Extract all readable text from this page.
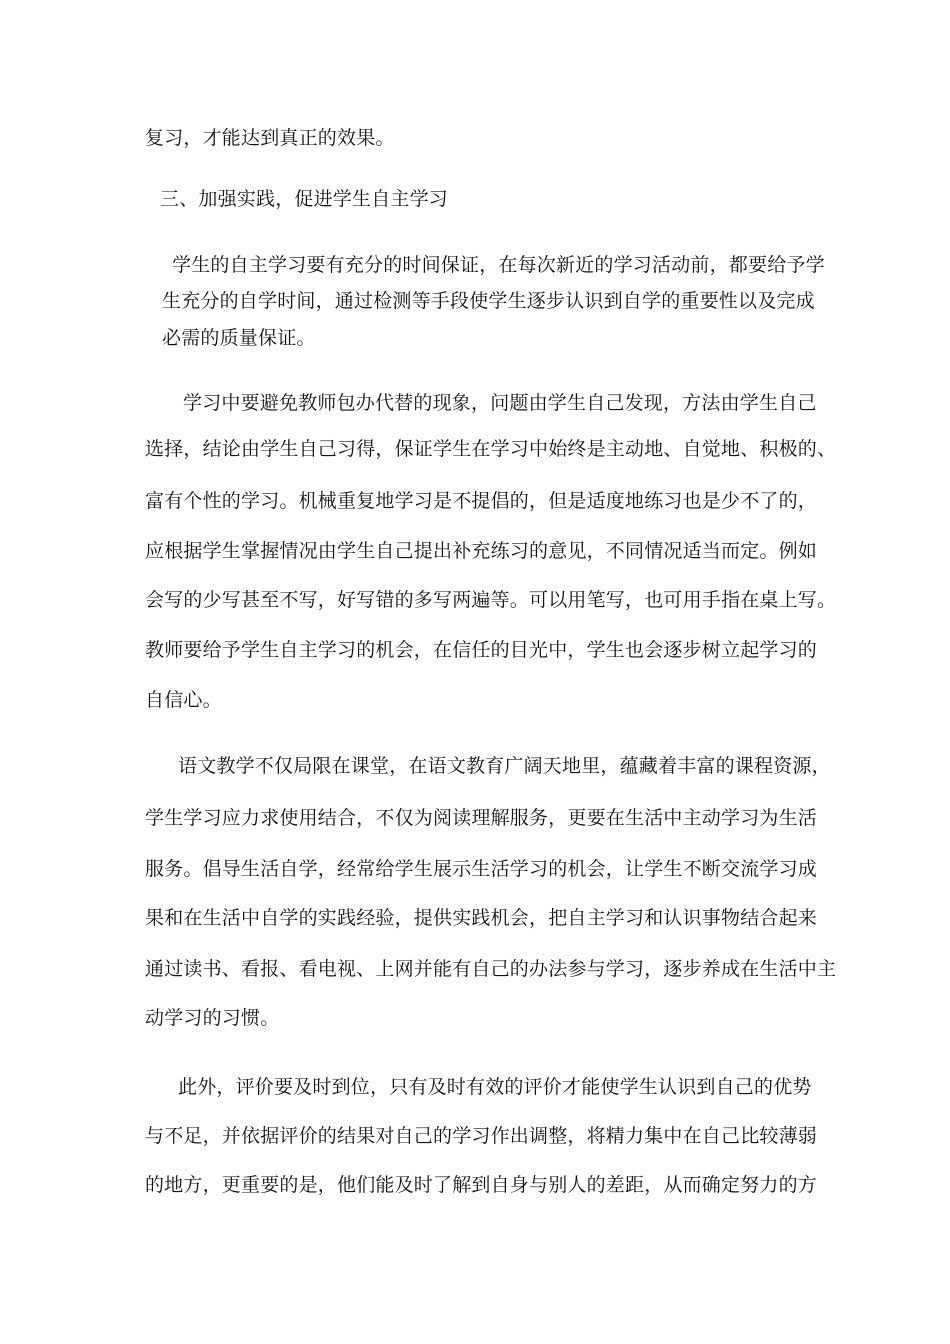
复习，才能达到真正的效果。
三、加强实践，促进学生自主学习
学生的自主学习要有充分的时间保证，在每次新近的学习活动前，都要给予学
生充分的自学时间，通过检测等手段使学生逐步认识到自学的重要性以及完成
必需的质量保证。
学习中要避免教师包办代替的现象，问题由学生自己发现，方法由学生自己
选择，结论由学生自己习得，保证学生在学习中始终是主动地、自觉地、积极的、
富有个性的学习。机械重复地学习是不提倡的，但是适度地练习也是少不了的，
应根据学生掌握情况由学生自己提出补充练习的意见，不同情况适当而定。例如
会写的少写甚至不写，好写错的多写两遍等。可以用笔写，也可用手指在桌上写。
教师要给予学生自主学习的机会，在信任的目光中，学生也会逐步树立起学习的
自信心。
语文教学不仅局限在课堂，在语文教育广阔天地里，蕴藏着丰富的课程资源，
学生学习应力求使用结合，不仅为阅读理解服务，更要在生活中主动学习为生活
服务。倡导生活自学，经常给学生展示生活学习的机会，让学生不断交流学习成
果和在生活中自学的实践经验，提供实践机会，把自主学习和认识事物结合起来
通过读书、看报、看电视、上网并能有自己的办法参与学习，逐步养成在生活中主
动学习的习惯。
此外，评价要及时到位，只有及时有效的评价才能使学生认识到自己的优势
与不足，并依据评价的结果对自己的学习作出调整，将精力集中在自己比较薄弱
的地方，更重要的是，他们能及时了解到自身与别人的差距，从而确定努力的方
